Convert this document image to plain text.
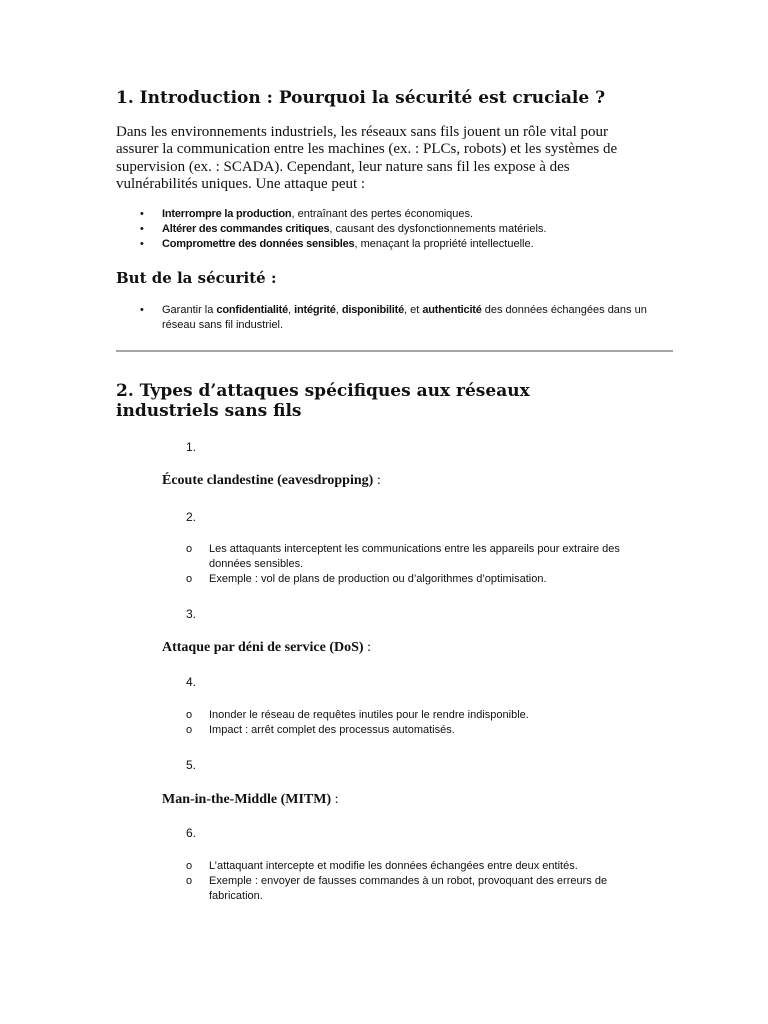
1. Introduction : Pourquoi la sécurité est cruciale ?

Dans les environnements industriels, les réseaux sans fils jouent un rôle vital pour assurer la communication entre les machines (ex. : PLCs, robots) et les systèmes de supervision (ex. : SCADA). Cependant, leur nature sans fil les expose à des vulnérabilités uniques. Une attaque peut :

• Interrompre la production, entraînant des pertes économiques.
• Altérer des commandes critiques, causant des dysfonctionnements matériels.
• Compromettre des données sensibles, menaçant la propriété intellectuelle.
But de la sécurité :
• Garantir la confidentialité, intégrité, disponibilité, et authenticité des données échangées dans un réseau sans fil industriel.
2. Types d’attaques spécifiques aux réseaux industriels sans fils
1.
Écoute clandestine (eavesdropping) :
2.
o Les attaquants interceptent les communications entre les appareils pour extraire des données sensibles.
o Exemple : vol de plans de production ou d’algorithmes d’optimisation.
3.
Attaque par déni de service (DoS) :
4.
o Inonder le réseau de requêtes inutiles pour le rendre indisponible.
o Impact : arrêt complet des processus automatisés.
5.
Man-in-the-Middle (MITM) :
6.
o L’attaquant intercepte et modifie les données échangées entre deux entités.
o Exemple : envoyer de fausses commandes à un robot, provoquant des erreurs de fabrication.
